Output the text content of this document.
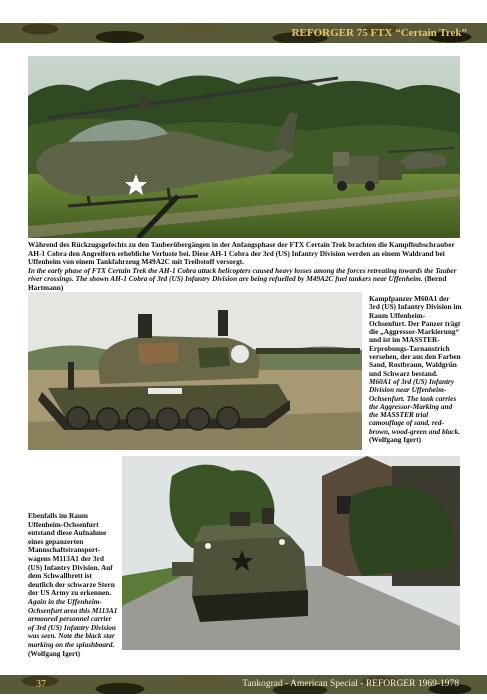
REFORGER 75 FTX “Certain Trek”

Während des Rückzugsgefechts zu den Tauberübergängen in der Anfangsphase der FTX Certain Trek brachten die Kampfhubschrauber AH-1 Cobra den Angreifern erhebliche Verluste bei. Diese AH-1 Cobra der 3rd (US) Infantry Division werden an einem Waldrand bei Uffenheim von einem Tankfahrzeug M49A2C mit Treibstoff versorgt.

In the early phase of FTX Certain Trek the AH-1 Cobra attack helicopters caused heavy losses among the forces retreating towards the Tauber river crossings. The shown AH-1 Cobra of 3rd (US) Infantry Division are being refuelled by M49A2C fuel tankers near Uffenheim. (Bernd Hartmann)

Kampfpanzer M60A1 der 3rd (US) Infantry Division im Raum Uffenheim-Ochsenfurt. Der Panzer trägt die „Aggressor-Markierung“ und ist im MASSTER-Erprobungs-Tarnanstrich versehen, der aus den Farben Sand, Rostbraun, Waldgrün und Schwarz bestand.

M60A1 of 3rd (US) Infantry Division near Uffenheim-Ochsenfurt. The tank carries the Aggressor-Marking and the MASSTER trial camouflage of sand, red-brown, wood-green and black.

(Wolfgang Igert)

Ebenfalls im Raum Uffenheim-Ochsenfurt entstand diese Aufnahme eines gepanzerten Mannschaftstransport-wagens M113A1 der 3rd (US) Infantry Division. Auf dem Schwallbrett ist deutlich der schwarze Stern der US Army zu erkennen.

Again in the Uffenheim-Ochsenfurt area this M113A1 armoured personnel carrier of 3rd (US) Infantry Division was seen. Note the black star marking on the splashboard.

(Wolfgang Igert)

37	Tankograd - American Special - REFORGER 1969-1978
